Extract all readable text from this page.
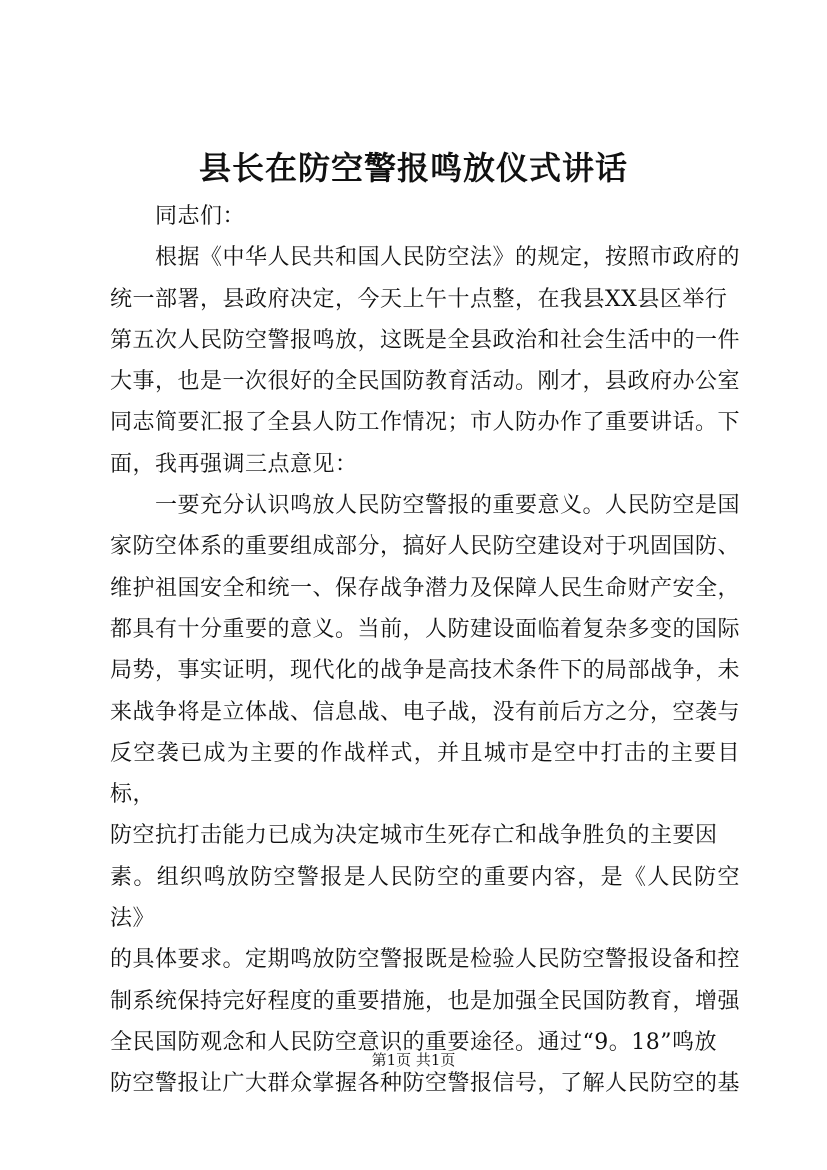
县长在防空警报鸣放仪式讲话

　　同志们：

　　根据《中华人民共和国人民防空法》的规定，按照市政府的

统一部署，县政府决定，今天上午十点整，在我县XX县区举行

第五次人民防空警报鸣放，这既是全县政治和社会生活中的一件

大事，也是一次很好的全民国防教育活动。刚才，县政府办公室

同志简要汇报了全县人防工作情况；市人防办作了重要讲话。下

面，我再强调三点意见：

　　一要充分认识鸣放人民防空警报的重要意义。人民防空是国

家防空体系的重要组成部分，搞好人民防空建设对于巩固国防、

维护祖国安全和统一、保存战争潜力及保障人民生命财产安全，

都具有十分重要的意义。当前，人防建设面临着复杂多变的国际

局势，事实证明，现代化的战争是高技术条件下的局部战争，未

来战争将是立体战、信息战、电子战，没有前后方之分，空袭与

反空袭已成为主要的作战样式，并且城市是空中打击的主要目标，

防空抗打击能力已成为决定城市生死存亡和战争胜负的主要因

素。组织鸣放防空警报是人民防空的重要内容，是《人民防空法》

的具体要求。定期鸣放防空警报既是检验人民防空警报设备和控

制系统保持完好程度的重要措施，也是加强全民国防教育，增强

全民国防观念和人民防空意识的重要途径。通过“9。18”鸣放

防空警报让广大群众掌握各种防空警报信号，了解人民防空的基

第1页 共1页
